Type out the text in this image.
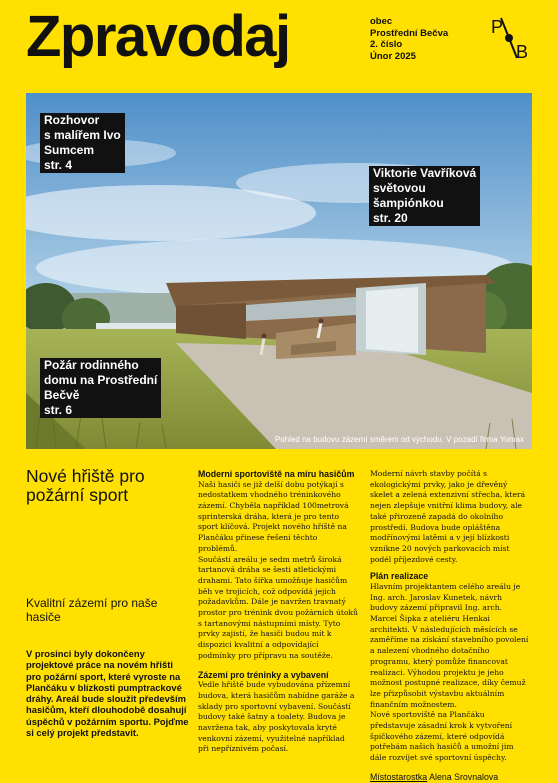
Zpravodaj	obec
Prostřední Bečva
2. číslo
Únor 2025
P
B
Rozhovor
s malířem Ivo
Sumcem
str. 4
Viktorie Vavříková
světovou
šampiónkou
str. 20
Požár rodinného
domu na Prostřední
Bečvě
str. 6
Pohled na budovu zázemí směrem od východu. V pozadí firma Yomax
Nové hřiště pro požární sport
Kvalitní zázemí pro naše hasiče
V prosinci byly dokončeny projektové práce na novém hřišti pro požární sport, které vyroste na Plančáku v blízkosti pumptrackové dráhy. Areál bude sloužit především hasičům, kteří dlouhodobě dosahují úspěchů v požárním sportu. Pojďme si celý projekt představit.

Moderní sportoviště na míru hasičům

Naši hasiči se již delší dobu potýkají s nedostatkem vhodného tréninkového zázemí. Chyběla například 100metrová sprinterská dráha, která je pro tento sport klíčová. Projekt nového hřiště na Plančáku přinese řešení těchto problémů.

Součástí areálu je sedm metrů široká tartanová dráha se šesti atletickými drahami. Tato šířka umožňuje hasičům běh ve trojicích, což odpovídá jejich požadavkům. Dále je navržen travnatý prostor pro trénink dvou požárních útoků s tartanovými nástupními místy. Tyto prvky zajistí, že hasiči budou mít k dispozici kvalitní a odpovídající podmínky pro přípravu na soutěže.

Zázemí pro tréninky a vybavení

Vedle hřiště bude vybudována přízemní budova, která hasičům nabídne garáže a sklady pro sportovní vybavení. Součástí budovy také šatny a toalety. Budova je navržena tak, aby poskytovala kryté venkovní zázemí, využitelné například při nepříznivém počasí.

Moderní návrh stavby počítá s ekologickými prvky, jako je dřevěný skelet a zelená extenzivní střecha, která nejen zlepšuje vnitřní klima budovy, ale také přirozeně zapadá do okolního prostředí. Budova bude opláštěna modřínovými latěmi a v její blízkosti vznikne 20 nových parkovacích míst podél příjezdové cesty.

Plán realizace

Hlavním projektantem celého areálu je Ing. arch. Jaroslav Kunetek, návrh budovy zázemí připravil Ing. arch. Marcel Šipka z ateliéru Henkai architekti. V následujících měsících se zaměříme na získání stavebního povolení a nalezení vhodného dotačního programu, který pomůže financovat realizaci. Výhodou projektu je jeho možnost postupné realizace, díky čemuž lze přizpůsobit výstavbu aktuálním finančním možnostem.

Nové sportoviště na Plančáku představuje zásadní krok k vytvoření špičkového zázemí, které odpovídá potřebám našich hasičů a umožní jim dále rozvíjet své sportovní úspěchy.

Místostarostka Alena Srovnalova
